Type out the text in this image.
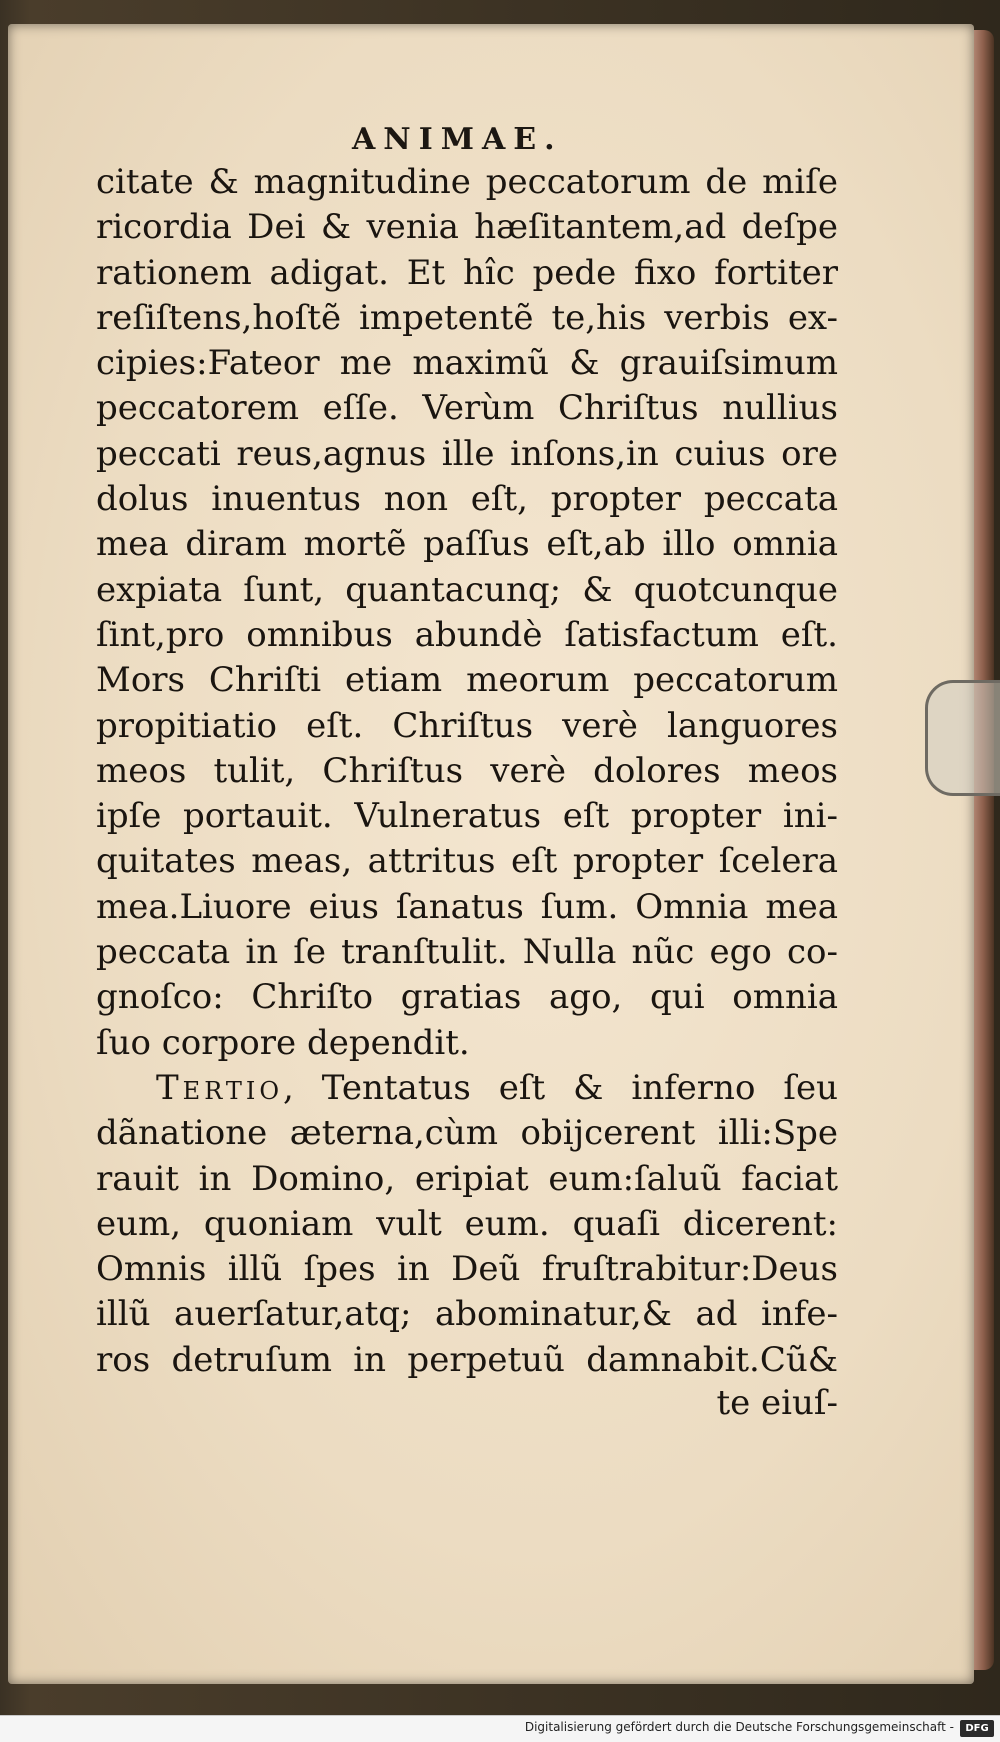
ANIMAE.
citate & magnitudine peccatorum de miſe
ricordia Dei & venia hæſitantem,ad deſpe
rationem adigat. Et hîc pede fixo fortiter
reſiſtens,hoſtẽ impetentẽ te,his verbis ex-
cipies:Fateor me maximũ & grauiſsimum
peccatorem eſſe. Verùm Chriſtus nullius
peccati reus,agnus ille inſons,in cuius ore
dolus inuentus non eſt, propter peccata
mea diram mortẽ paſſus eſt,ab illo omnia
expiata ſunt, quantacunq; & quotcunque
ſint,pro omnibus abundè ſatisfactum eſt.
Mors Chriſti etiam meorum peccatorum
propitiatio eſt. Chriſtus verè languores
meos tulit, Chriſtus verè dolores meos
ipſe portauit. Vulneratus eſt propter ini-
quitates meas, attritus eſt propter ſcelera
mea.Liuore eius ſanatus ſum. Omnia mea
peccata in ſe tranſtulit. Nulla nũc ego co-
gnoſco: Chriſto gratias ago, qui omnia
ſuo corpore dependit.
Tertio, Tentatus eſt & inferno ſeu
dãnatione æterna,cùm obijcerent illi:Spe
rauit in Domino, eripiat eum:ſaluũ faciat
eum, quoniam vult eum. quaſi dicerent:
Omnis illũ ſpes in Deũ fruſtrabitur:Deus
illũ auerſatur,atq; abominatur,& ad infe-
ros detruſum in perpetuũ damnabit.Cũ&
te eiuſ-
Digitalisierung gefördert durch die Deutsche Forschungsgemeinschaft -	DFG
